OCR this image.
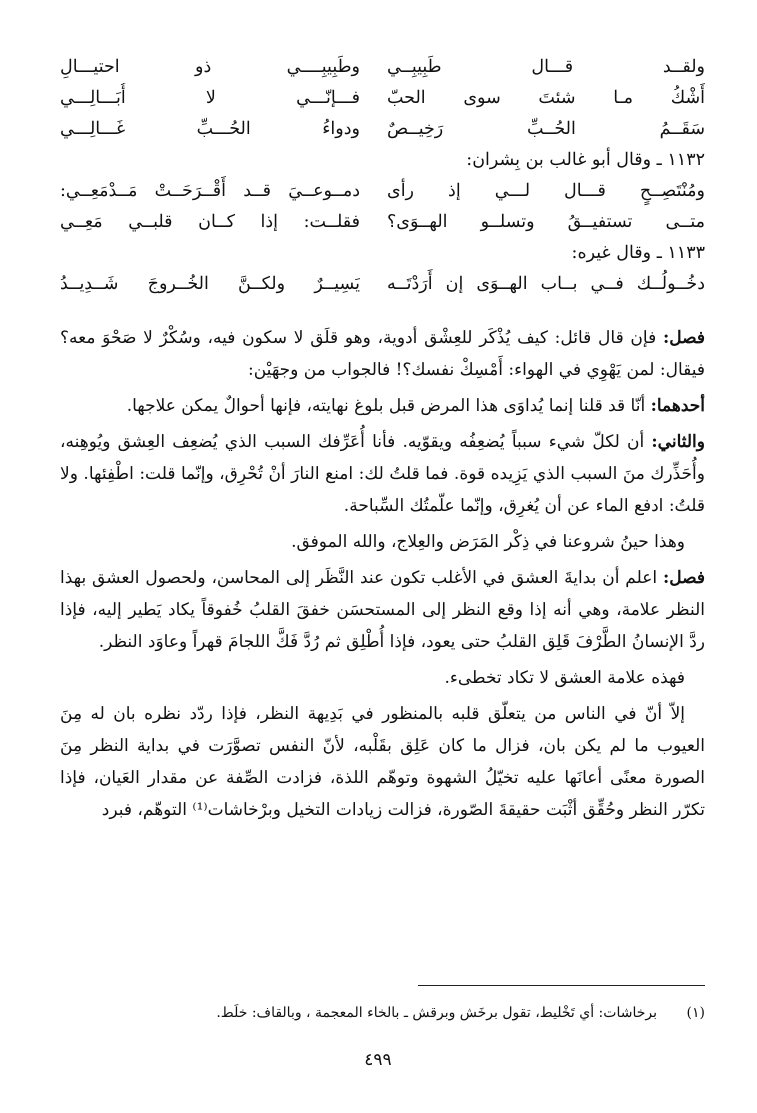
ولقــد قـــال طَبِيبِــي
وطَبِيبِــــي ذو احتيـــالِ
أَشْكُ مـا شئتَ سوى الحبّ
فـــإنّـــي لا أُبَـــالِـــي
سَقَــمُ الحُــبِّ رَخِيــصٌ
ودواءُ الحُـــبِّ غَـــالِـــي
١١٣٢ ـ وقال أبو غالب بن بِشران:
ومُنْتَصِــحٍ قـــال لـــي إذ رأى
دمــوعــيَ قــد أَقْــرَحَــتْ مَــدْمَعِــي:
متــى تستفيــقُ وتسلــو الهــوَى؟
فقلــت: إذا كــان قلبــي مَعِــي
١١٣٣ ـ وقال غيره:
دخُــولُــك فــي بــاب الهــوَى إن أَرَدْتَــه
يَسِيــرٌ ولكــنَّ الخُــروجَ شَــدِيــدُ

فصل: فإن قال قائل: كيف يُذْكَر للعِشْق أدوية، وهو قلَق لا سكون فيه، وسُكْرٌ لا صَحْوَ معه؟ فيقال: لمن يَهْوِي في الهواء: أَمْسِكْ نفسك؟! فالجواب من وجهَيْن:

أحدهما: أنّا قد قلنا إنما يُداوَى هذا المرض قبل بلوغ نهايته، فإنها أحوالٌ يمكن علاجها.

والثاني: أن لكلّ شيء سبباً يُضعِفُه ويقوّيه. فأنا أُعَرِّفك السبب الذي يُضعِف العِشق ويُوهِنه، وأُحَذِّرك منَ السبب الذي يَزِيده قوة. فما قلتُ لك: امنع النارَ أنْ تُحْرِق، وإنّما قلت: اطْفِئها. ولا قلتُ: ادفع الماء عن أن يُغرِق، وإنّما علّمتُك السِّباحة.

وهذا حينُ شروعنا في ذِكْر المَرَض والعِلاج، والله الموفق.

فصل: اعلم أن بدايةَ العشق في الأغلب تكون عند النَّظَر إلى المحاسن، ولحصول العشق بهذا النظر علامة، وهي أنه إذا وقع النظر إلى المستحسَن خفقَ القلبُ خُفوقاً يكاد يَطير إليه، فإذا ردَّ الإنسانُ الطَّرْفَ قَلِق القلبُ حتى يعود، فإذا أُطْلِق ثم رُدَّ فَكَّ اللجامَ قهراً وعاوَد النظر.

فهذه علامة العشق لا تكاد تخطىء.

إلاّ أنّ في الناس من يتعلّق قلبه بالمنظور في بَدِيهة النظر، فإذا ردّد نظره بان له مِنَ العيوب ما لم يكن بان، فزال ما كان عَلِق بقَلْبه، لأنّ النفس تصوَّرَت في بداية النظر مِنَ الصورة معنًى أعانَها عليه تخيّلُ الشهوة وتوهّم اللذة، فزادت الصِّفة عن مقدار العَيان، فإذا تكرّر النظر وحُقِّق أثْبَت حقيقةَ الصّورة، فزالت زيادات التخيل وبرْخاشات⁽¹⁾ التوهّم، فبرد

(١)برخاشات: أي تَخْليط، تقول برخَش وبرقش ـ بالخاء المعجمة ، وبالقاف: خلَط.
٤٩٩
